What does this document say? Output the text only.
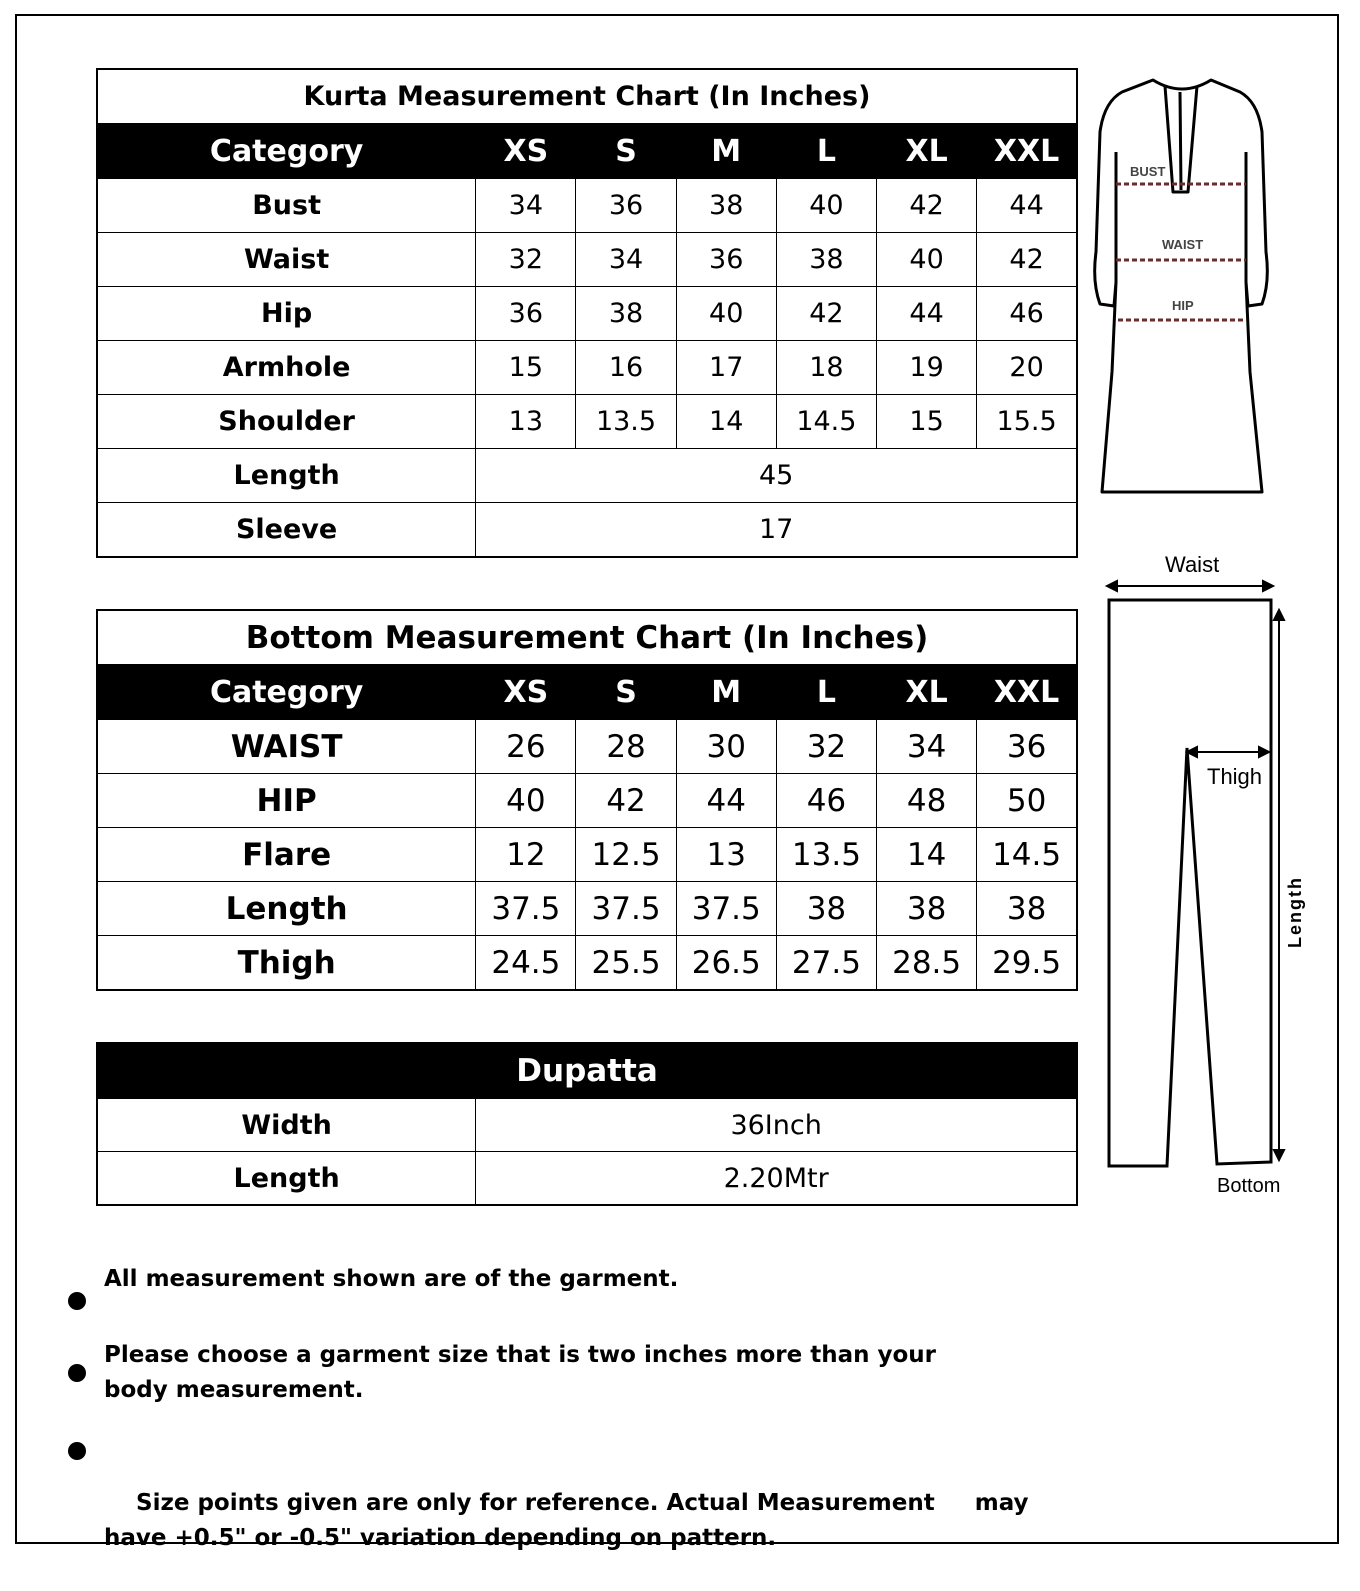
Kurta Measurement Chart (In Inches)						
Category	XS	S	M	L	XL	XXL
Bust	34	36	38	40	42	44
Waist	32	34	36	38	40	42
Hip	36	38	40	42	44	46
Armhole	15	16	17	18	19	20
Shoulder	13	13.5	14	14.5	15	15.5
Length	45					
Sleeve	17					
Bottom Measurement Chart (In Inches)						
Category	XS	S	M	L	XL	XXL
WAIST	26	28	30	32	34	36
HIP	40	42	44	46	48	50
Flare	12	12.5	13	13.5	14	14.5
Length	37.5	37.5	37.5	38	38	38
Thigh	24.5	25.5	26.5	27.5	28.5	29.5
Dupatta	
Width	36Inch
Length	2.20Mtr
All measurement shown are of the garment.
Please choose a garment size that is two inches more than your body measurement.

Size points given are only for reference. Actual Measurement     may have +0.5" or -0.5" variation depending on pattern.

BUST
WAIST
HIP
Waist
Thigh
Length
Bottom
